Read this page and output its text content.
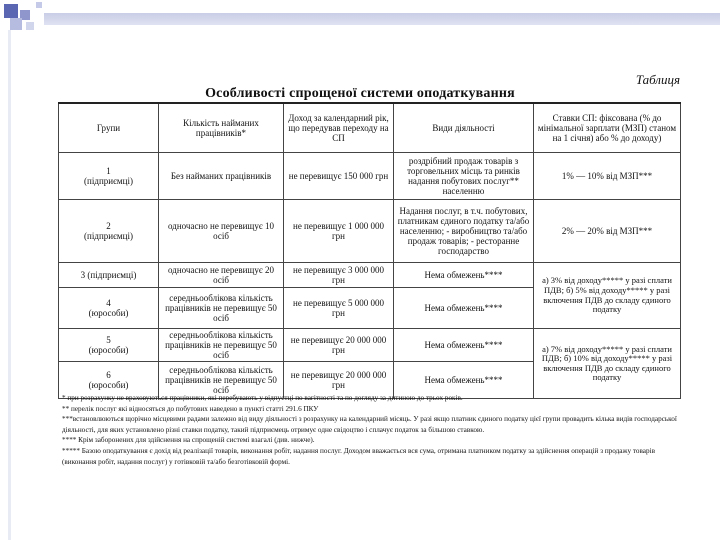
Таблиця
Особливості спрощеної системи оподаткування
Групи	Кількість найманих працівників*	Доход за календарний рік, що передував переходу на СП	Види діяльності	Ставки СП: фіксована (% до мінімальної зарплати (МЗП) станом на 1 січня) або % до доходу)
1
(підприємці)	Без найманих працівників	не перевищує 150 000 грн	роздрібний продаж товарів з торговельних місць та ринків надання побутових послуг** населенню	1% — 10% від МЗП***
2
(підприємці)	одночасно не перевищує 10 осіб	не перевищує 1 000 000 грн	Надання послуг, в т.ч. побутових, платникам єдиного податку та/або населенню; - виробництво та/або продаж товарів; - ресторанне господарство	2% — 20% від МЗП***
3 (підприємці)	одночасно не перевищує 20 осіб	не перевищує 3 000 000 грн	Нема обмежень****	а) 3% від доходу***** у разі сплати ПДВ; б) 5% від доходу***** у разі включення ПДВ до складу єдиного податку
4
(юрособи)	середньооблікова кількість працівників не перевищує 50 осіб	не перевищує 5 000 000 грн	Нема обмежень****	
5
(юрособи)	середньооблікова кількість працівників не перевищує 50 осіб	не перевищує 20 000 000 грн	Нема обмежень****	а) 7% від доходу***** у разі сплати ПДВ; б) 10% від доходу***** у разі включення ПДВ до складу єдиного податку
6
(юрособи)	середньооблікова кількість працівників не перевищує 50 осіб	не перевищує 20 000 000 грн	Нема обмежень****	

* при розрахунку не враховуються працівники, які перебувають у відпустці по вагітності та по догляду за дитиною до трьох років.

** перелік послуг які відносяться до побутових наведено в пункті статті 291.6 ПКУ

***встановлюються щорічно місцевими радами залежно від виду діяльності з розрахунку на календарний місяць. У разі якщо платник єдиного податку цієї групи провадить кілька видів господарської діяльності, для яких установлено різні ставки податку, такий підприємець отримує одне свідоцтво і сплачує податок за більшою ставкою.

**** Крім заборонених для здійснення на спрощеній системі взагалі (див. нижче).

***** Базою оподаткування є дохід від реалізації товарів, виконання робіт, надання послуг. Доходом вважається вся сума, отримана платником податку за здійснення операцій з продажу товарів (виконання робіт, надання послуг) у готівковій та/або безготівковій формі.
